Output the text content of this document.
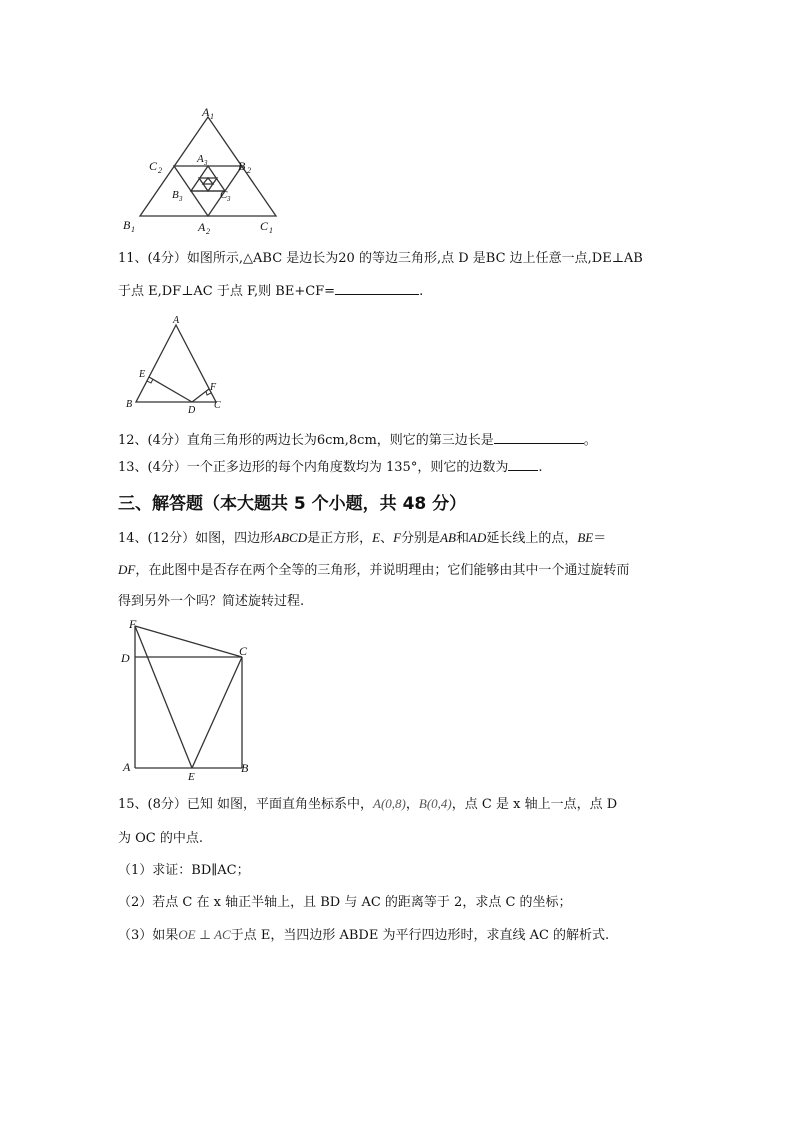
A 1
B 1	C 1
A 2
B 2
C 2
A 3
B 3	C 3
11、(4分）如图所示,△ABC 是边长为20 的等边三角形,点 D 是BC 边上任意一点,DE⊥AB
于点 E,DF⊥AC 于点 F,则 BE+CF=	.
A
B	C
D
E
F
12、(4分）直角三角形的两边长为6cm,8cm，则它的第三边长是	。
13、(4分）一个正多边形的每个内角度数均为 135°，则它的边数为 .
三、解答题（本大题共 5 个小题，共 48 分）
14、(12分）如图，四边形ABCD是正方形，E、F分别是AB和AD延长线上的点，BE＝
DF，在此图中是否存在两个全等的三角形，并说明理由；它们能够由其中一个通过旋转而
得到另外一个吗？简述旋转过程.
F
D	C
A	B
E
15、(8分）已知 如图，平面直角坐标系中，A(0,8)，B(0,4)，点 C 是 x 轴上一点，点 D
为 OC 的中点.
（1）求证：BD∥AC；
（2）若点 C 在 x 轴正半轴上，且 BD 与 AC 的距离等于 2，求点 C 的坐标；
（3）如果OE ⊥ AC于点 E，当四边形 ABDE 为平行四边形时，求直线 AC 的解析式.
